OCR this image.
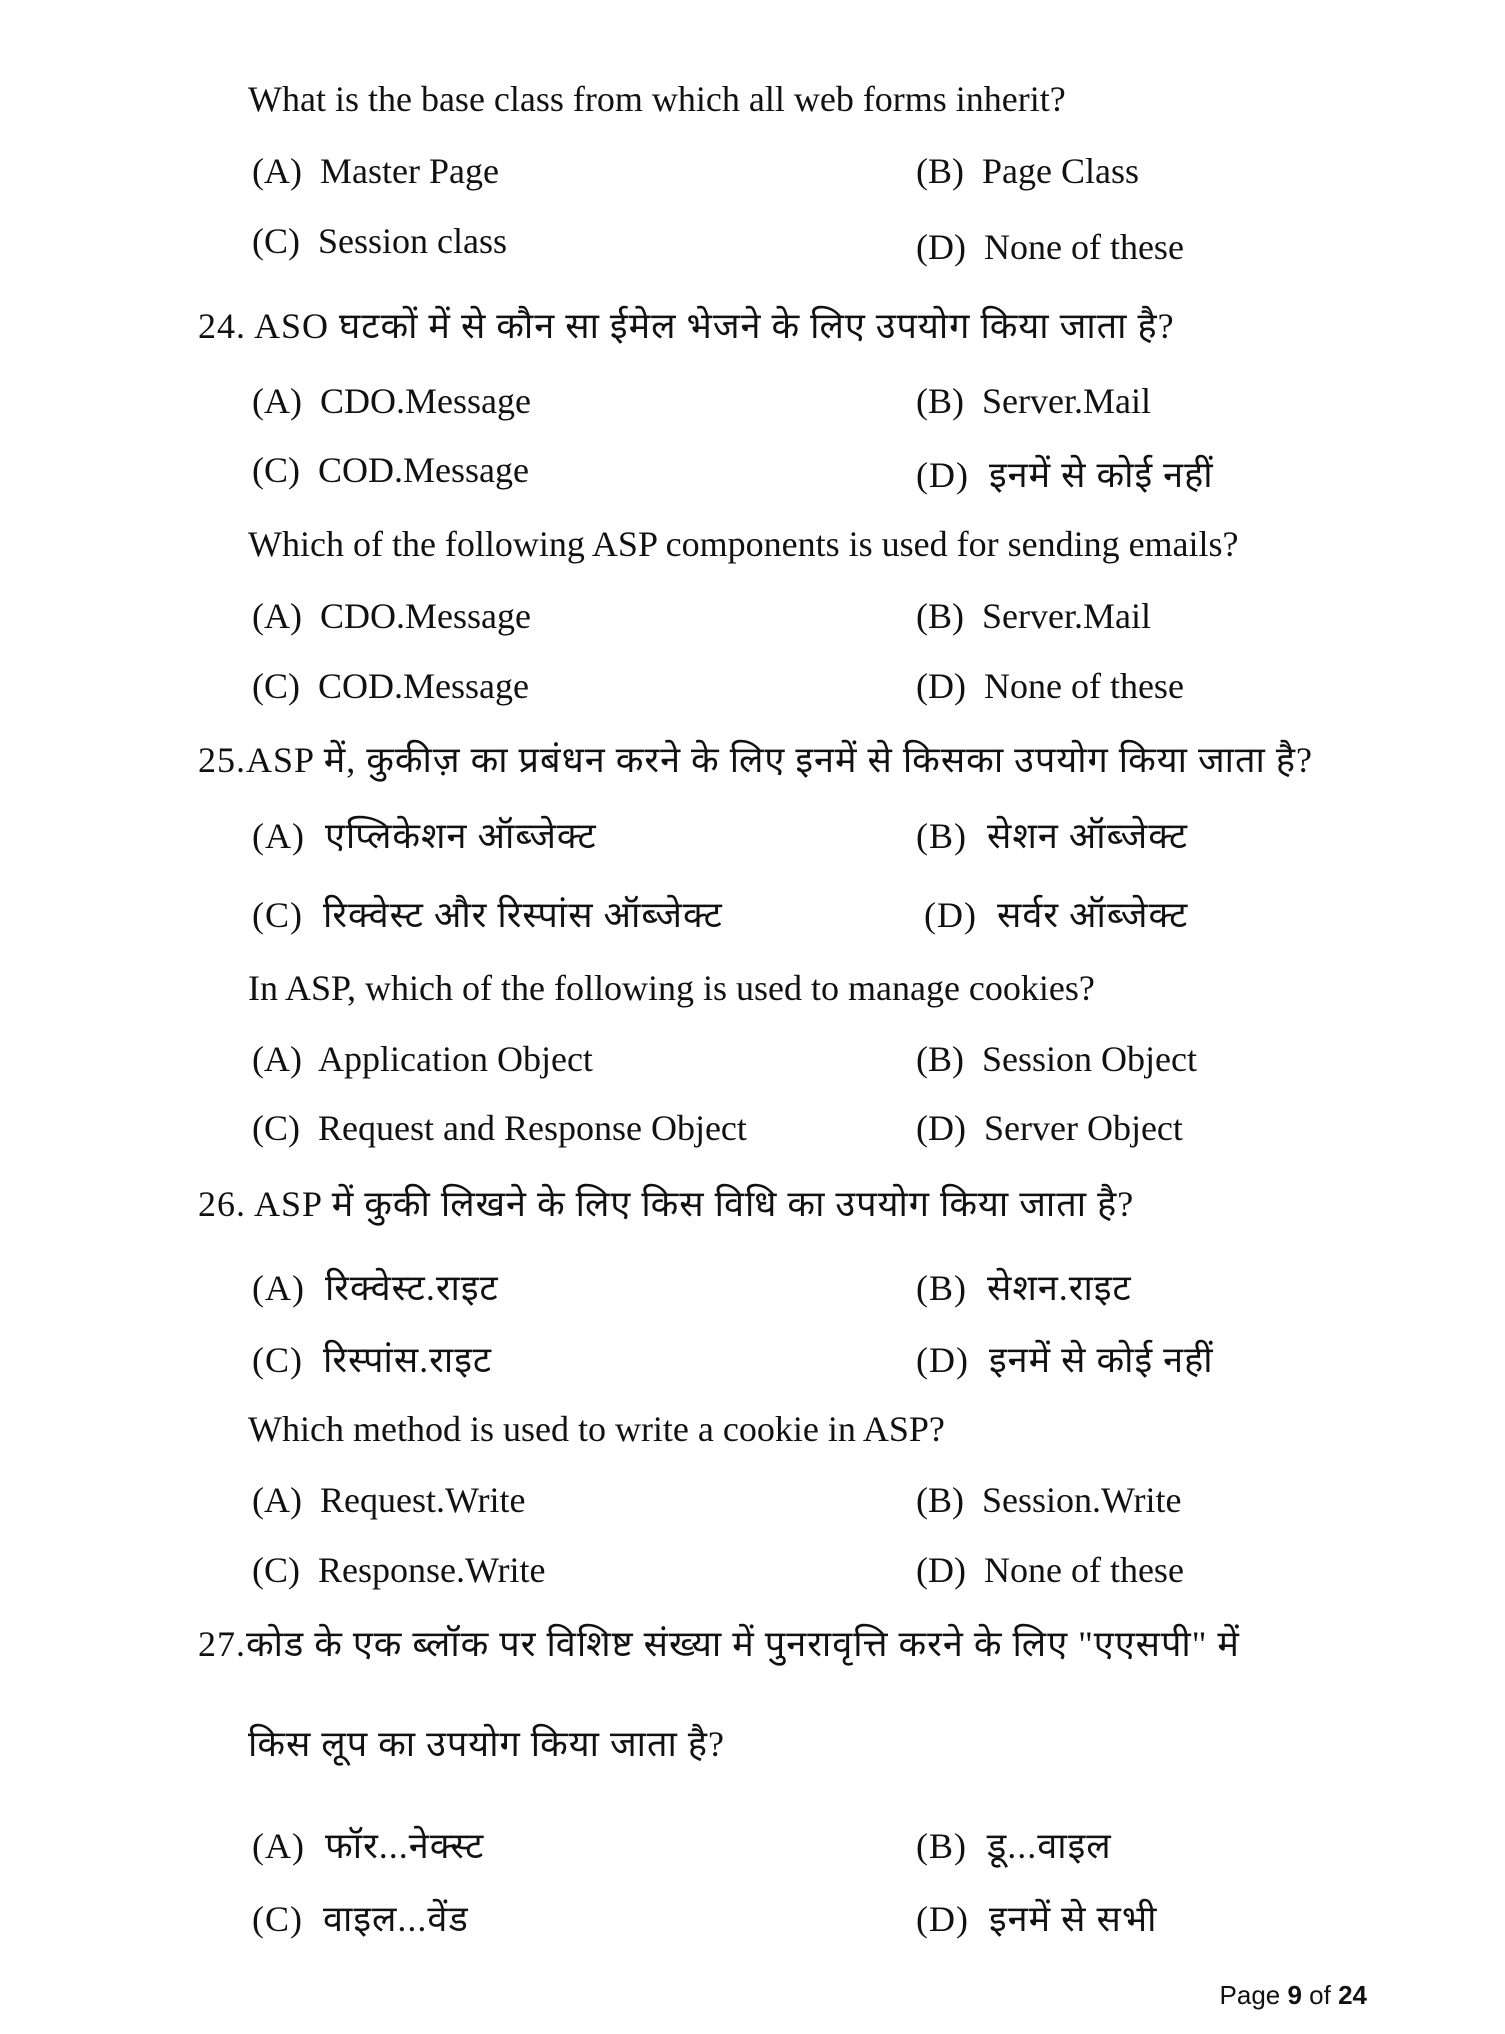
What is the base class from which all web forms inherit?
(A) Master Page	(B) Page Class
(C) Session class	(D) None of these
24. ASO घटकों में से कौन सा ईमेल भेजने के लिए उपयोग किया जाता है?
(A) CDO.Message	(B) Server.Mail
(C) COD.Message	(D) इनमें से कोई नहीं
Which of the following ASP components is used for sending emails?
(A) CDO.Message	(B) Server.Mail
(C) COD.Message	(D) None of these
25.ASP में, कुकीज़ का प्रबंधन करने के लिए इनमें से किसका उपयोग किया जाता है?
(A) एप्लिकेशन ऑब्जेक्ट	(B) सेशन ऑब्जेक्ट
(C) रिक्वेस्ट और रिस्पांस ऑब्जेक्ट	(D) सर्वर ऑब्जेक्ट
In ASP, which of the following is used to manage cookies?
(A) Application Object	(B) Session Object
(C) Request and Response Object	(D) Server Object
26. ASP में कुकी लिखने के लिए किस विधि का उपयोग किया जाता है?
(A) रिक्वेस्ट.राइट	(B) सेशन.राइट
(C) रिस्पांस.राइट	(D) इनमें से कोई नहीं
Which method is used to write a cookie in ASP?
(A) Request.Write	(B) Session.Write
(C) Response.Write	(D) None of these
27.कोड के एक ब्लॉक पर विशिष्ट संख्या में पुनरावृत्ति करने के लिए "एएसपी" में
किस लूप का उपयोग किया जाता है?
(A) फॉर...नेक्स्ट	(B) डू...वाइल
(C) वाइल...वेंड	(D) इनमें से सभी
Page 9 of 24
